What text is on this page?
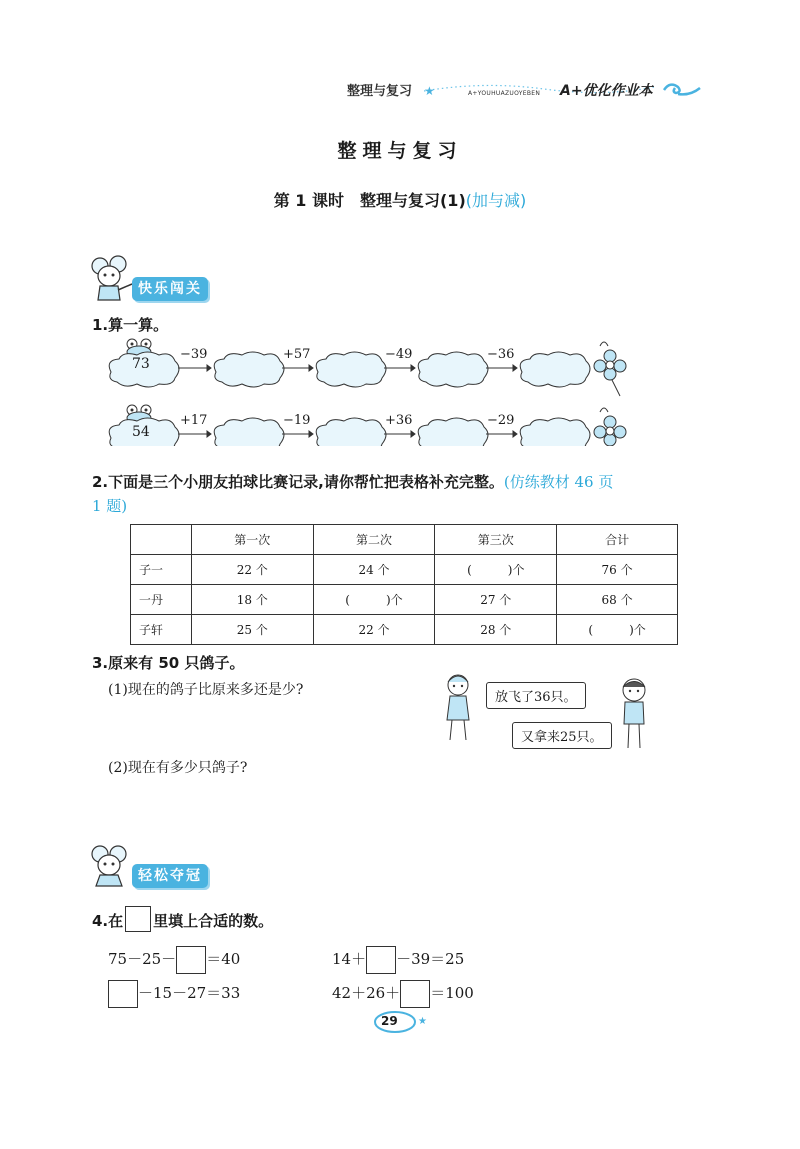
整理与复习 ★	A+YOUHUAZUOYEBEN A+优化作业本
整理与复习
第 1 课时　整理与复习(1)(加与减)
快乐闯关
1.算一算。
73
−39	+57	−49	−36
54
+17	−19	+36	−29
2.下面是三个小朋友拍球比赛记录,请你帮忙把表格补充完整。(仿练教材 46 页
1 题)
	第一次	第二次	第三次	合计
子一	22 个	24 个	(　　　)个	76 个
一丹	18 个	(　　　)个	27 个	68 个
子轩	25 个	22 个	28 个	(　　　)个
3.原来有 50 只鸽子。
(1)现在的鸽子比原来多还是少?
(2)现在有多少只鸽子?
放飞了36只。
又拿来25只。
轻松夺冠
4.在 里填上合适的数。
75－25－ ＝40	14＋ －39＝25
－15－27＝33	42＋26＋ ＝100
★
29
